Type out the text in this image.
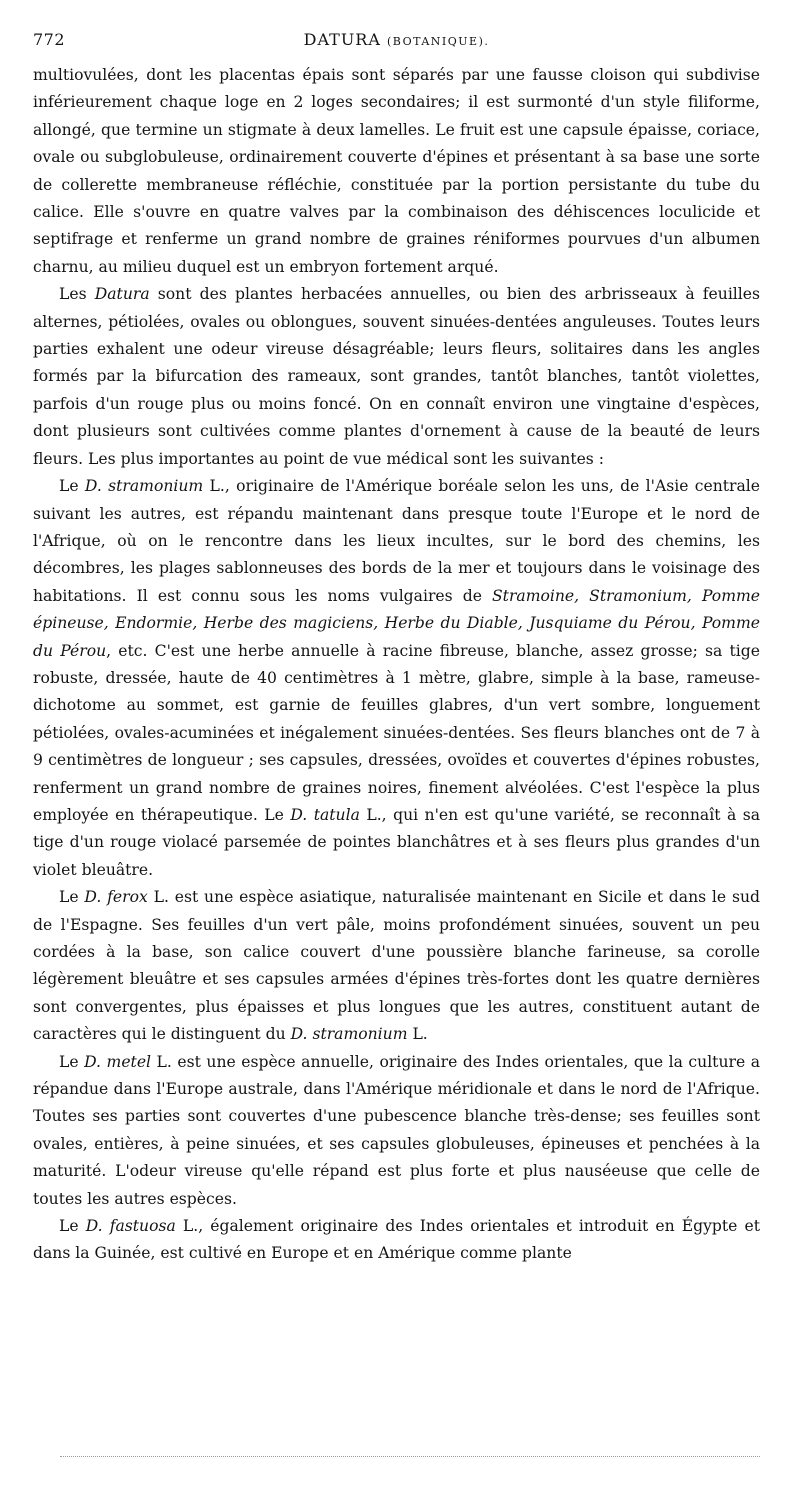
772	DATURA (BOTANIQUE).

multiovulées, dont les placentas épais sont séparés par une fausse cloison qui subdivise inférieurement chaque loge en 2 loges secondaires; il est surmonté d'un style filiforme, allongé, que termine un stigmate à deux lamelles. Le fruit est une capsule épaisse, coriace, ovale ou subglobuleuse, ordinairement couverte d'épines et présentant à sa base une sorte de collerette membraneuse réfléchie, constituée par la portion persistante du tube du calice. Elle s'ouvre en quatre valves par la combinaison des déhiscences loculicide et septifrage et renferme un grand nombre de graines réniformes pourvues d'un albumen charnu, au milieu duquel est un embryon fortement arqué.

Les Datura sont des plantes herbacées annuelles, ou bien des arbrisseaux à feuilles alternes, pétiolées, ovales ou oblongues, souvent sinuées-dentées anguleuses. Toutes leurs parties exhalent une odeur vireuse désagréable; leurs fleurs, solitaires dans les angles formés par la bifurcation des rameaux, sont grandes, tantôt blanches, tantôt violettes, parfois d'un rouge plus ou moins foncé. On en connaît environ une vingtaine d'espèces, dont plusieurs sont cultivées comme plantes d'ornement à cause de la beauté de leurs fleurs. Les plus importantes au point de vue médical sont les suivantes :

Le D. stramonium L., originaire de l'Amérique boréale selon les uns, de l'Asie centrale suivant les autres, est répandu maintenant dans presque toute l'Europe et le nord de l'Afrique, où on le rencontre dans les lieux incultes, sur le bord des chemins, les décombres, les plages sablonneuses des bords de la mer et toujours dans le voisinage des habitations. Il est connu sous les noms vulgaires de Stramoine, Stramonium, Pomme épineuse, Endormie, Herbe des magiciens, Herbe du Diable, Jusquiame du Pérou, Pomme du Pérou, etc. C'est une herbe annuelle à racine fibreuse, blanche, assez grosse; sa tige robuste, dressée, haute de 40 centimètres à 1 mètre, glabre, simple à la base, rameuse-dichotome au sommet, est garnie de feuilles glabres, d'un vert sombre, longuement pétiolées, ovales-acuminées et inégalement sinuées-dentées. Ses fleurs blanches ont de 7 à 9 centimètres de longueur ; ses capsules, dressées, ovoïdes et couvertes d'épines robustes, renferment un grand nombre de graines noires, finement alvéolées. C'est l'espèce la plus employée en thérapeutique. Le D. tatula L., qui n'en est qu'une variété, se reconnaît à sa tige d'un rouge violacé parsemée de pointes blanchâtres et à ses fleurs plus grandes d'un violet bleuâtre.

Le D. ferox L. est une espèce asiatique, naturalisée maintenant en Sicile et dans le sud de l'Espagne. Ses feuilles d'un vert pâle, moins profondément sinuées, souvent un peu cordées à la base, son calice couvert d'une poussière blanche farineuse, sa corolle légèrement bleuâtre et ses capsules armées d'épines très-fortes dont les quatre dernières sont convergentes, plus épaisses et plus longues que les autres, constituent autant de caractères qui le distinguent du D. stramonium L.

Le D. metel L. est une espèce annuelle, originaire des Indes orientales, que la culture a répandue dans l'Europe australe, dans l'Amérique méridionale et dans le nord de l'Afrique. Toutes ses parties sont couvertes d'une pubescence blanche très-dense; ses feuilles sont ovales, entières, à peine sinuées, et ses capsules globuleuses, épineuses et penchées à la maturité. L'odeur vireuse qu'elle répand est plus forte et plus nauséeuse que celle de toutes les autres espèces.

Le D. fastuosa L., également originaire des Indes orientales et introduit en Égypte et dans la Guinée, est cultivé en Europe et en Amérique comme plante
